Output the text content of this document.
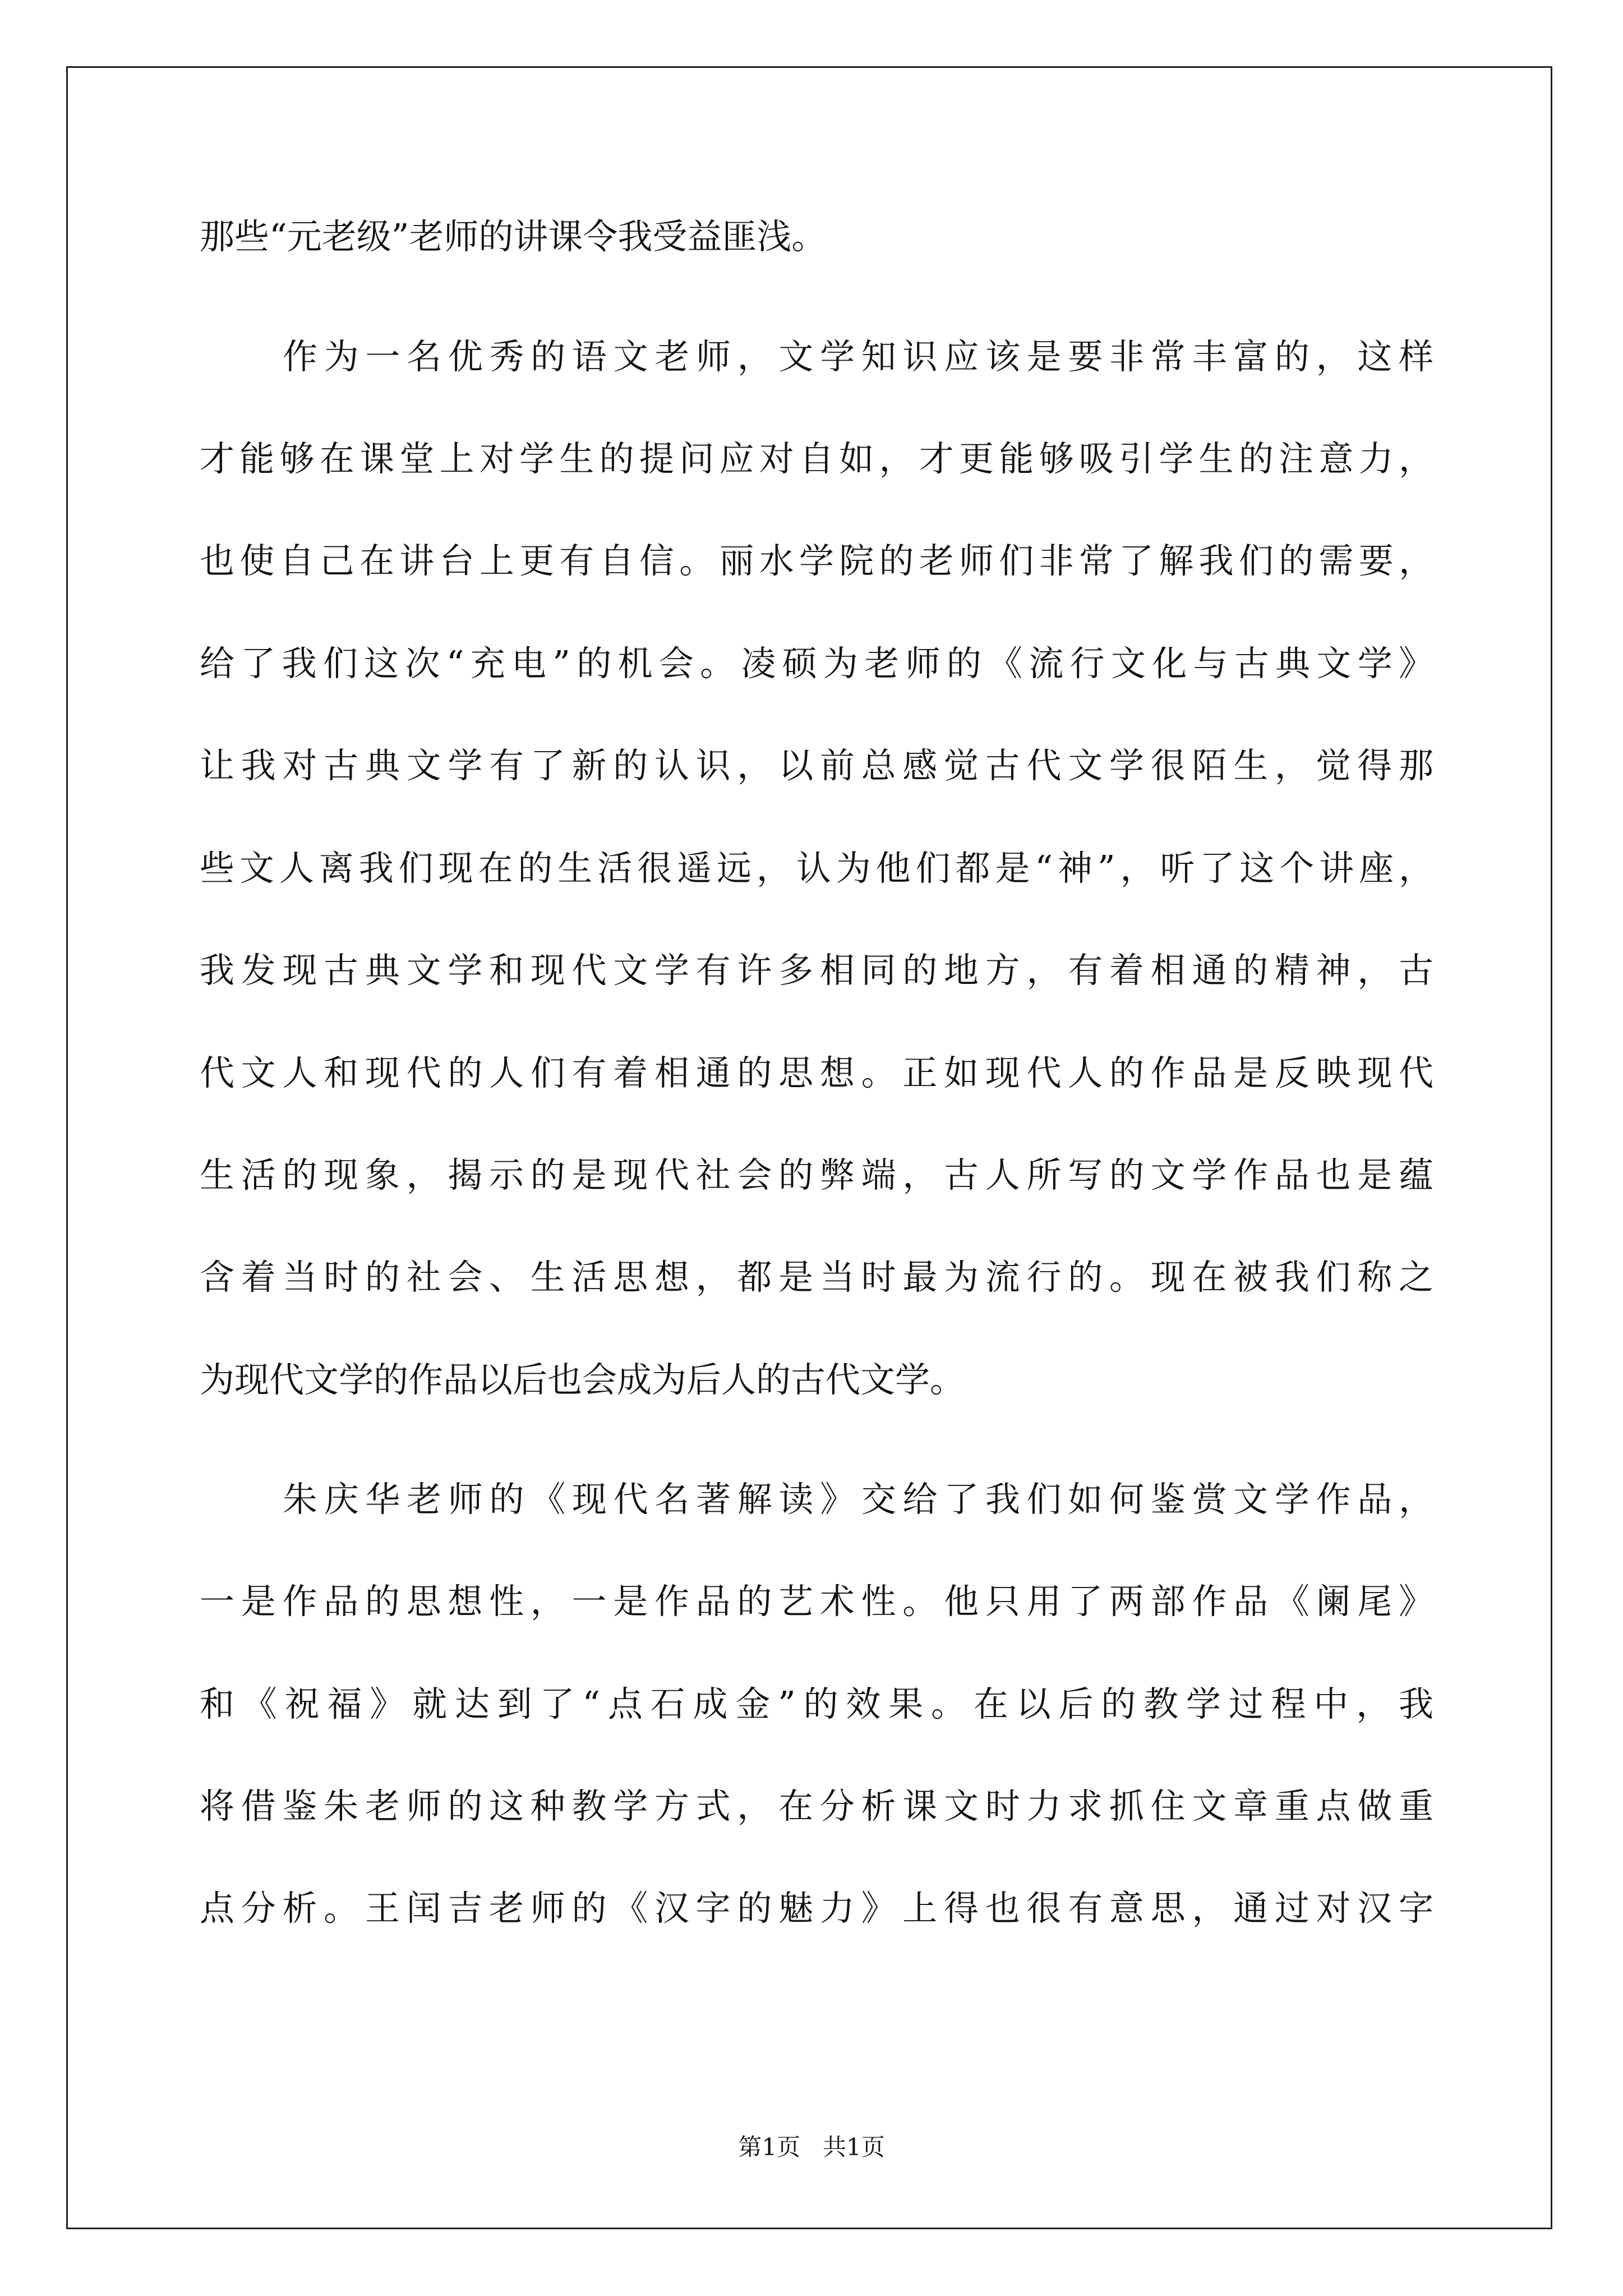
那些“元老级”老师的讲课令我受益匪浅。
作为一名优秀的语文老师，文学知识应该是要非常丰富的，这样
才能够在课堂上对学生的提问应对自如，才更能够吸引学生的注意力，
也使自己在讲台上更有自信。丽水学院的老师们非常了解我们的需要，
给了我们这次“充电”的机会。凌硕为老师的《流行文化与古典文学》
让我对古典文学有了新的认识，以前总感觉古代文学很陌生，觉得那
些文人离我们现在的生活很遥远，认为他们都是“神”，听了这个讲座，
我发现古典文学和现代文学有许多相同的地方，有着相通的精神，古
代文人和现代的人们有着相通的思想。正如现代人的作品是反映现代
生活的现象，揭示的是现代社会的弊端，古人所写的文学作品也是蕴
含着当时的社会、生活思想，都是当时最为流行的。现在被我们称之
为现代文学的作品以后也会成为后人的古代文学。
朱庆华老师的《现代名著解读》交给了我们如何鉴赏文学作品，
一是作品的思想性，一是作品的艺术性。他只用了两部作品《阑尾》
和《祝福》就达到了“点石成金”的效果。在以后的教学过程中，我
将借鉴朱老师的这种教学方式，在分析课文时力求抓住文章重点做重
点分析。王闰吉老师的《汉字的魅力》上得也很有意思，通过对汉字
第1页   共1页
